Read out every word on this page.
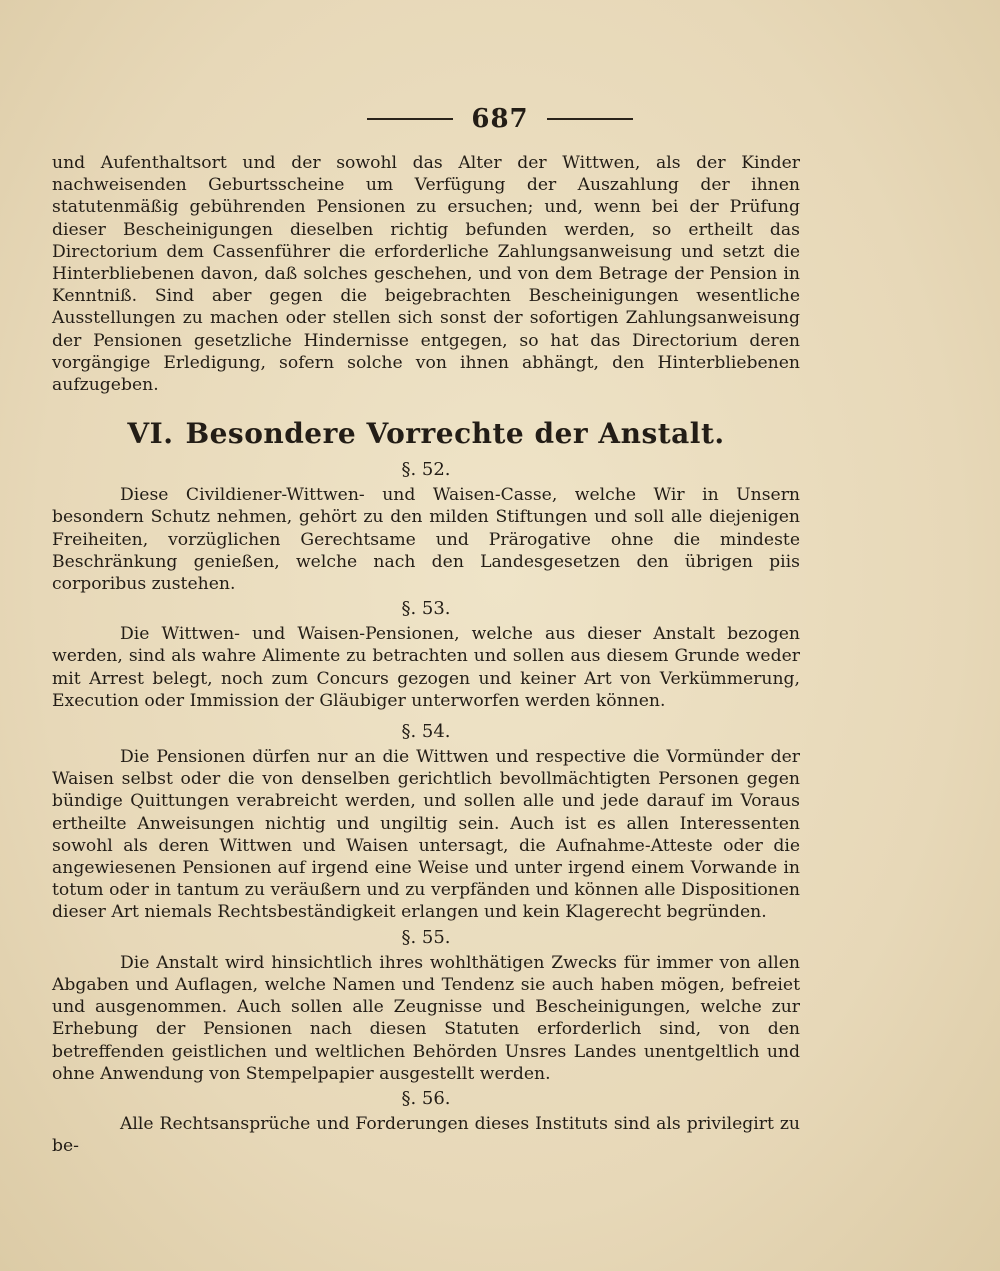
687

und Aufenthaltsort und der sowohl das Alter der Wittwen, als der Kinder nachweisenden Geburtsscheine um Verfügung der Auszahlung der ihnen statutenmäßig gebührenden Pensionen zu ersuchen; und, wenn bei der Prüfung dieser Bescheinigungen dieselben richtig befunden werden, so ertheilt das Directorium dem Cassenführer die erforderliche Zahlungsanweisung und setzt die Hinterbliebenen davon, daß solches geschehen, und von dem Betrage der Pension in Kenntniß. Sind aber gegen die beigebrachten Bescheinigungen wesentliche Ausstellungen zu machen oder stellen sich sonst der sofortigen Zahlungsanweisung der Pensionen gesetzliche Hindernisse entgegen, so hat das Directorium deren vorgängige Erledigung, sofern solche von ihnen abhängt, den Hinterbliebenen aufzugeben.

VI. Besondere Vorrechte der Anstalt.
§. 52.

Diese Civildiener-Wittwen- und Waisen-Casse, welche Wir in Unsern besondern Schutz nehmen, gehört zu den milden Stiftungen und soll alle diejenigen Freiheiten, vorzüglichen Gerechtsame und Prärogative ohne die mindeste Beschränkung genießen, welche nach den Landesgesetzen den übrigen piis corporibus zustehen.

§. 53.

Die Wittwen- und Waisen-Pensionen, welche aus dieser Anstalt bezogen werden, sind als wahre Alimente zu betrachten und sollen aus diesem Grunde weder mit Arrest belegt, noch zum Concurs gezogen und keiner Art von Verkümmerung, Execution oder Immission der Gläubiger unterworfen werden können.

§. 54.

Die Pensionen dürfen nur an die Wittwen und respective die Vormünder der Waisen selbst oder die von denselben gerichtlich bevollmächtigten Personen gegen bündige Quittungen verabreicht werden, und sollen alle und jede darauf im Voraus ertheilte Anweisungen nichtig und ungiltig sein. Auch ist es allen Interessenten sowohl als deren Wittwen und Waisen untersagt, die Aufnahme-Atteste oder die angewiesenen Pensionen auf irgend eine Weise und unter irgend einem Vorwande in totum oder in tantum zu veräußern und zu verpfänden und können alle Dispositionen dieser Art niemals Rechtsbeständigkeit erlangen und kein Klagerecht begründen.

§. 55.

Die Anstalt wird hinsichtlich ihres wohlthätigen Zwecks für immer von allen Abgaben und Auflagen, welche Namen und Tendenz sie auch haben mögen, befreiet und ausgenommen. Auch sollen alle Zeugnisse und Bescheinigungen, welche zur Erhebung der Pensionen nach diesen Statuten erforderlich sind, von den betreffenden geistlichen und weltlichen Behörden Unsres Landes unentgeltlich und ohne Anwendung von Stempelpapier ausgestellt werden.

§. 56.

Alle Rechtsansprüche und Forderungen dieses Instituts sind als privilegirt zu be-
